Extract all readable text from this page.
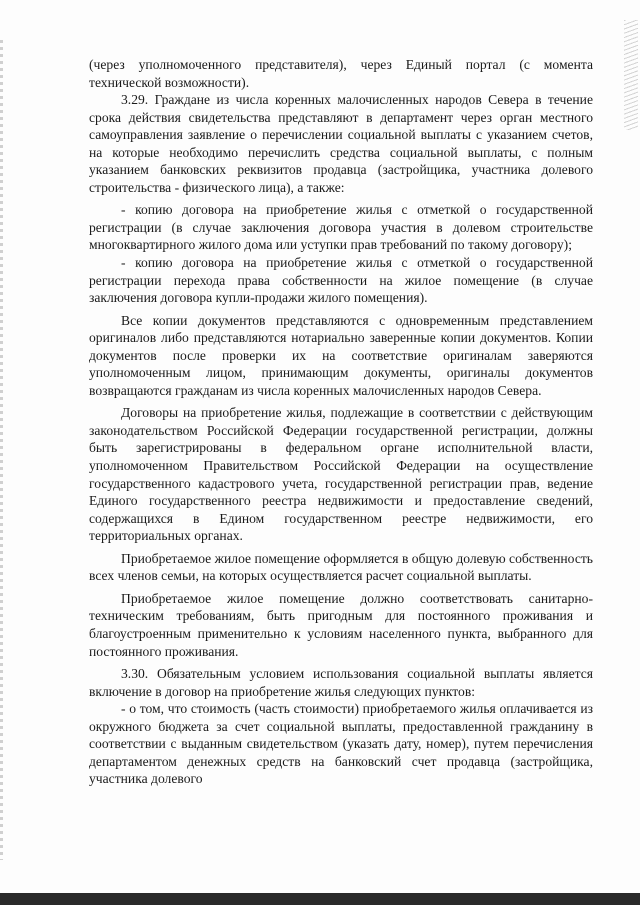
(через уполномоченного представителя), через Единый портал (с момента технической возможности).

3.29. Граждане из числа коренных малочисленных народов Севера в течение срока действия свидетельства представляют в департамент через орган местного самоуправления заявление о перечислении социальной выплаты с указанием счетов, на которые необходимо перечислить средства социальной выплаты, с полным указанием банковских реквизитов продавца (застройщика, участника долевого строительства - физического лица), а также:

- копию договора на приобретение жилья с отметкой о государственной регистрации (в случае заключения договора участия в долевом строительстве многоквартирного жилого дома или уступки прав требований по такому договору);

- копию договора на приобретение жилья с отметкой о государственной регистрации перехода права собственности на жилое помещение (в случае заключения договора купли-продажи жилого помещения).

Все копии документов представляются с одновременным представлением оригиналов либо представляются нотариально заверенные копии документов. Копии документов после проверки их на соответствие оригиналам заверяются уполномоченным лицом, принимающим документы, оригиналы документов возвращаются гражданам из числа коренных малочисленных народов Севера.

Договоры на приобретение жилья, подлежащие в соответствии с действующим законодательством Российской Федерации государственной регистрации, должны быть зарегистрированы в федеральном органе исполнительной власти, уполномоченном Правительством Российской Федерации на осуществление государственного кадастрового учета, государственной регистрации прав, ведение Единого государственного реестра недвижимости и предоставление сведений, содержащихся в Едином государственном реестре недвижимости, его территориальных органах.

Приобретаемое жилое помещение оформляется в общую долевую собственность всех членов семьи, на которых осуществляется расчет социальной выплаты.

Приобретаемое жилое помещение должно соответствовать санитарно-техническим требованиям, быть пригодным для постоянного проживания и благоустроенным применительно к условиям населенного пункта, выбранного для постоянного проживания.

3.30. Обязательным условием использования социальной выплаты является включение в договор на приобретение жилья следующих пунктов:

- о том, что стоимость (часть стоимости) приобретаемого жилья оплачивается из окружного бюджета за счет социальной выплаты, предоставленной гражданину в соответствии с выданным свидетельством (указать дату, номер), путем перечисления департаментом денежных средств на банковский счет продавца (застройщика, участника долевого
